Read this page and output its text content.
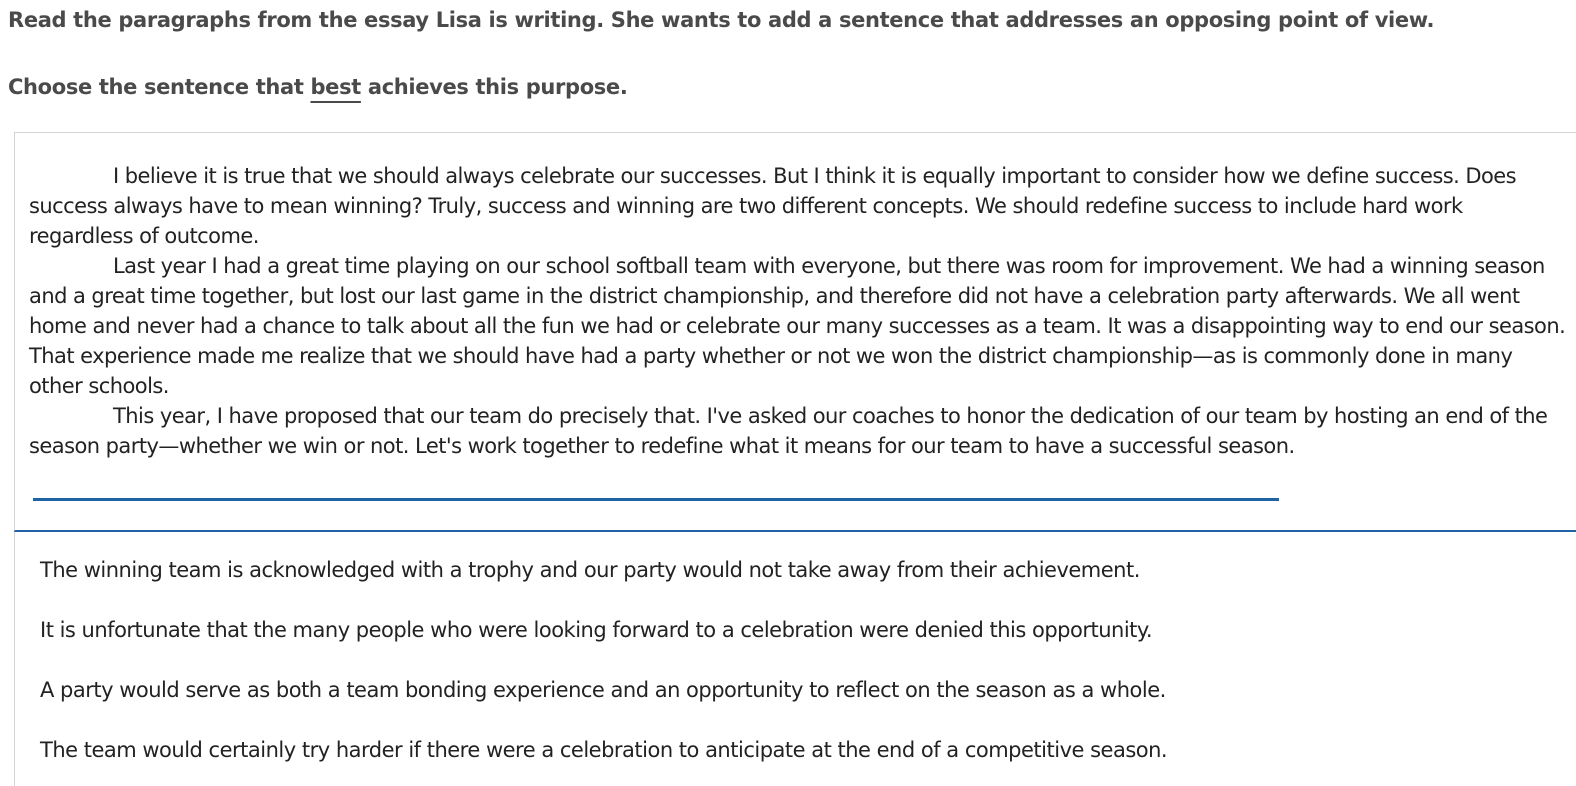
Read the paragraphs from the essay Lisa is writing. She wants to add a sentence that addresses an opposing point of view.
Choose the sentence that best achieves this purpose.

I believe it is true that we should always celebrate our successes. But I think it is equally important to consider how we define success. Does success always have to mean winning? Truly, success and winning are two different concepts. We should redefine success to include hard work regardless of outcome.

Last year I had a great time playing on our school softball team with everyone, but there was room for improvement. We had a winning season and a great time together, but lost our last game in the district championship, and therefore did not have a celebration party afterwards. We all went home and never had a chance to talk about all the fun we had or celebrate our many successes as a team. It was a disappointing way to end our season. That experience made me realize that we should have had a party whether or not we won the district championship—as is commonly done in many other schools.

This year, I have proposed that our team do precisely that. I've asked our coaches to honor the dedication of our team by hosting an end of the season party—whether we win or not. Let's work together to redefine what it means for our team to have a successful season.

The winning team is acknowledged with a trophy and our party would not take away from their achievement.
It is unfortunate that the many people who were looking forward to a celebration were denied this opportunity.
A party would serve as both a team bonding experience and an opportunity to reflect on the season as a whole.
The team would certainly try harder if there were a celebration to anticipate at the end of a competitive season.
